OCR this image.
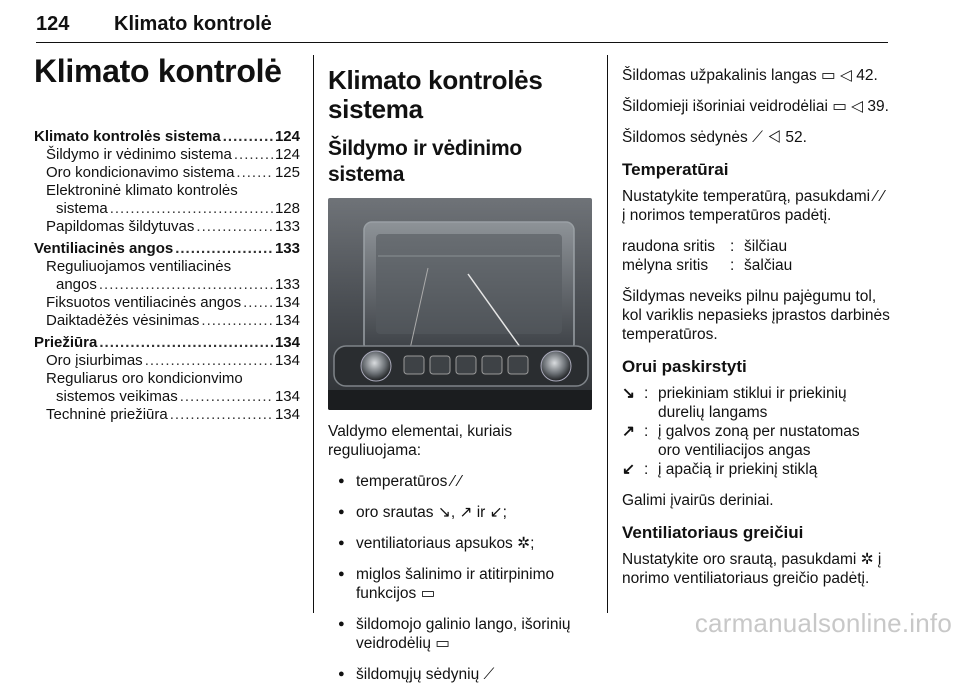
124	Klimato kontrolė
Klimato kontrolė
Klimato kontrolės sistema .....	124
Šildymo ir vėdinimo sistema .....	124
Oro kondicionavimo sistema .....	125
Elektroninė klimato kontrolės
sistema .....	128
Papildomas šildytuvas .....	133
Ventiliacinės angos .....	133
Reguliuojamos ventiliacinės
angos .....	133
Fiksuotos ventiliacinės angos ..... 134
Daiktadėžės vėsinimas .....	134
Priežiūra .....	134
Oro įsiurbimas .....	134
Reguliarus oro kondicionvimo
sistemos veikimas .....	134
Techninė priežiūra .....	134
Klimato kontrolės
sistema
Šildymo ir vėdinimo sistema

Valdymo elementai, kuriais reguliuojama:

● temperatūros ⁄ ⁄
● oro srautas ↘, ↗ ir ↙;
● ventiliatoriaus apsukos ✲;
● miglos šalinimo ir atitirpinimo funkcijos ▭
● šildomojo galinio lango, išorinių veidrodėlių ▭
● šildomųjų sėdynių ⟋

Šildomas užpakalinis langas ▭ ◁ 42.

Šildomieji išoriniai veidrodėliai ▭ ◁ 39.

Šildomos sėdynės ⟋ ◁ 52.

Temperatūrai

Nustatykite temperatūrą, pasukdami ⁄ ⁄ į norimos temperatūros padėtį.

raudona sritis : šilčiau
mėlyna sritis	: šalčiau

Šildymas neveiks pilnu pajėgumu tol, kol variklis nepasieks įprastos darbinės temperatūros.

Orui paskirstyti
↘ : priekiniam stiklui ir priekinių
durelių langams
↗ : į galvos zoną per nustatomas
oro ventiliacijos angas
↙ : į apačią ir priekinį stiklą

Galimi įvairūs deriniai.

Ventiliatoriaus greičiui

Nustatykite oro srautą, pasukdami ✲ į norimo ventiliatoriaus greičio padėtį.

carmanualsonline.info
